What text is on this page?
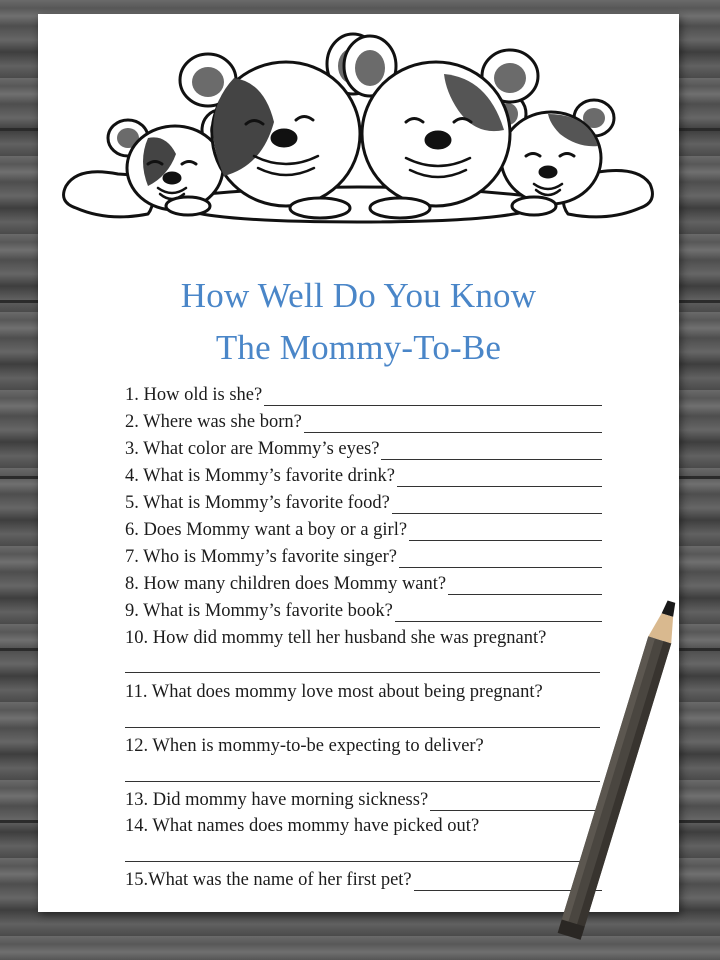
How Well Do You Know
The Mommy-To-Be
1. How old is she?
2. Where was she born?
3. What color are Mommy’s eyes?
4. What is Mommy’s favorite drink?
5. What is Mommy’s favorite food?
6. Does Mommy want a boy or a girl?
7. Who is Mommy’s favorite singer?
8. How many children does Mommy want?
9. What is Mommy’s favorite book?
10. How did mommy tell her husband she was pregnant?
11. What does mommy love most about being pregnant?
12. When is mommy-to-be expecting to deliver?
13. Did mommy have morning sickness?
14. What names does mommy have picked out?
15.What was the name of her first pet?
